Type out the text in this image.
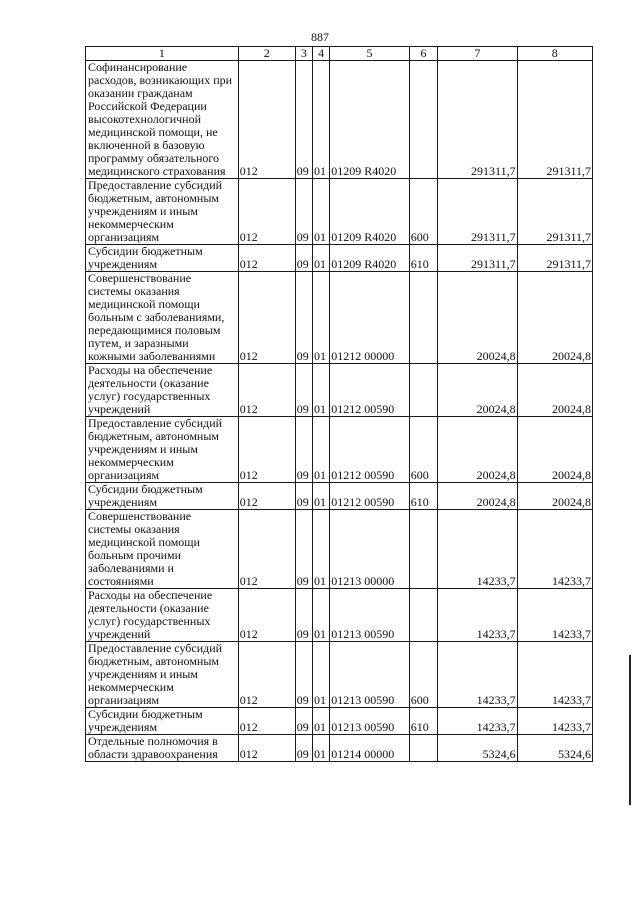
887
1	2	3	4	5	6	7	8
Софинансирование расходов, возникающих при оказании гражданам Российской Федерации высокотехнологичной медицинской помощи, не включенной в базовую программу обязательного медицинского страхования	012	09	01	01209 R4020		291311,7	291311,7
Предоставление субсидий бюджетным, автономным учреждениям и иным некоммерческим организациям	012	09	01	01209 R4020	600	291311,7	291311,7
Субсидии бюджетным учреждениям	012	09	01	01209 R4020	610	291311,7	291311,7
Совершенствование системы оказания медицинской помощи больным с заболеваниями, передающимися половым путем, и заразными кожными заболеваниями	012	09	01	01212 00000		20024,8	20024,8
Расходы на обеспечение деятельности (оказание услуг) государственных учреждений	012	09	01	01212 00590		20024,8	20024,8
Предоставление субсидий бюджетным, автономным учреждениям и иным некоммерческим организациям	012	09	01	01212 00590	600	20024,8	20024,8
Субсидии бюджетным учреждениям	012	09	01	01212 00590	610	20024,8	20024,8
Совершенствование системы оказания медицинской помощи больным прочими заболеваниями и состояниями	012	09	01	01213 00000		14233,7	14233,7
Расходы на обеспечение деятельности (оказание услуг) государственных учреждений	012	09	01	01213 00590		14233,7	14233,7
Предоставление субсидий бюджетным, автономным учреждениям и иным некоммерческим организациям	012	09	01	01213 00590	600	14233,7	14233,7
Субсидии бюджетным учреждениям	012	09	01	01213 00590	610	14233,7	14233,7
Отдельные полномочия в области здравоохранения	012	09	01	01214 00000		5324,6	5324,6
